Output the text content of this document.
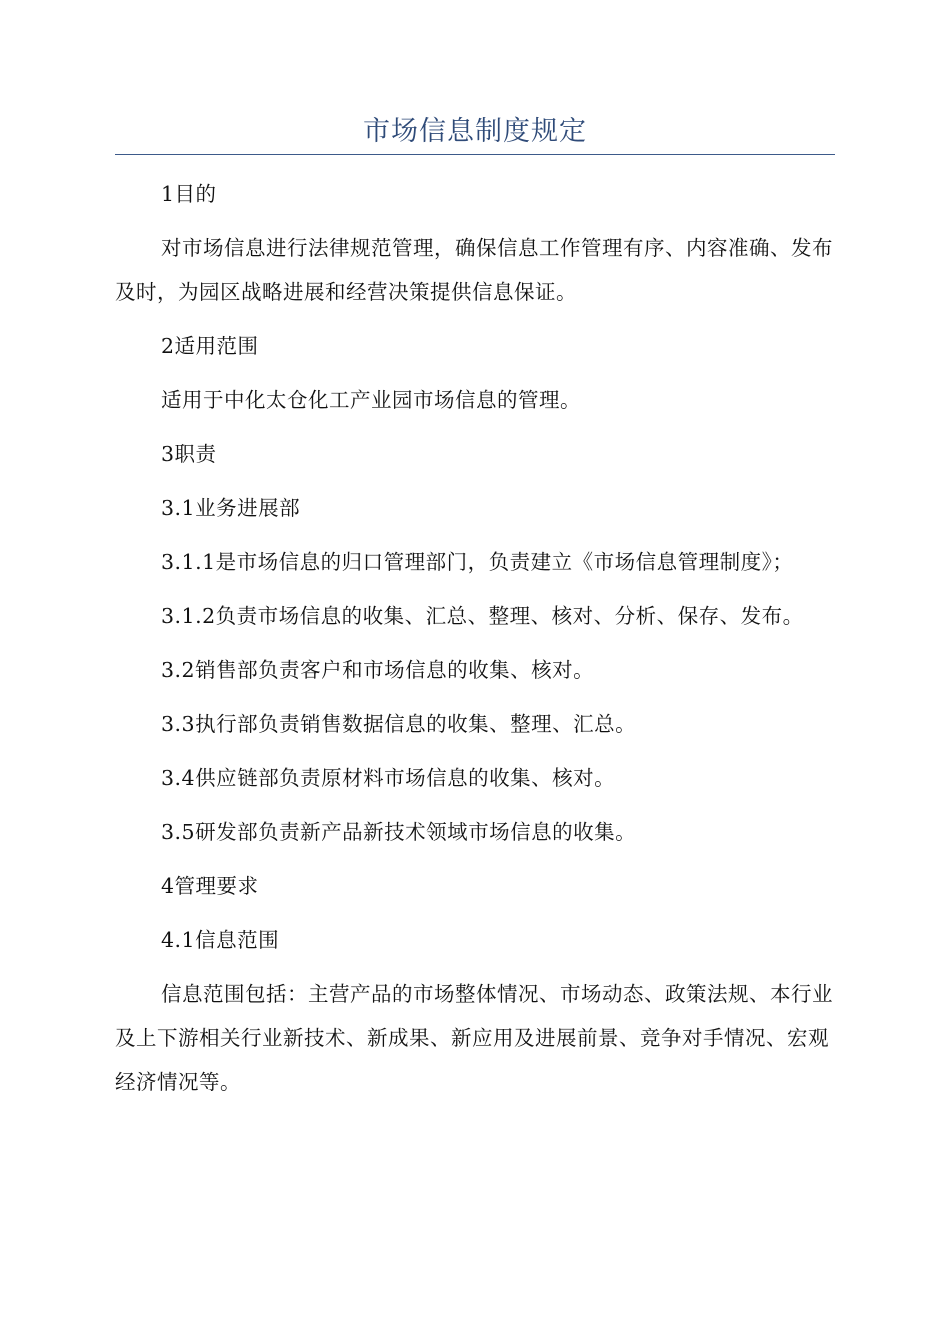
市场信息制度规定

1目的

对市场信息进行法律规范管理，确保信息工作管理有序、内容准确、发布及时，为园区战略进展和经营决策提供信息保证。

2适用范围

适用于中化太仓化工产业园市场信息的管理。

3职责

3.1业务进展部

3.1.1是市场信息的归口管理部门，负责建立《市场信息管理制度》；

3.1.2负责市场信息的收集、汇总、整理、核对、分析、保存、发布。

3.2销售部负责客户和市场信息的收集、核对。

3.3执行部负责销售数据信息的收集、整理、汇总。

3.4供应链部负责原材料市场信息的收集、核对。

3.5研发部负责新产品新技术领域市场信息的收集。

4管理要求

4.1信息范围

信息范围包括：主营产品的市场整体情况、市场动态、政策法规、本行业及上下游相关行业新技术、新成果、新应用及进展前景、竞争对手情况、宏观经济情况等。
